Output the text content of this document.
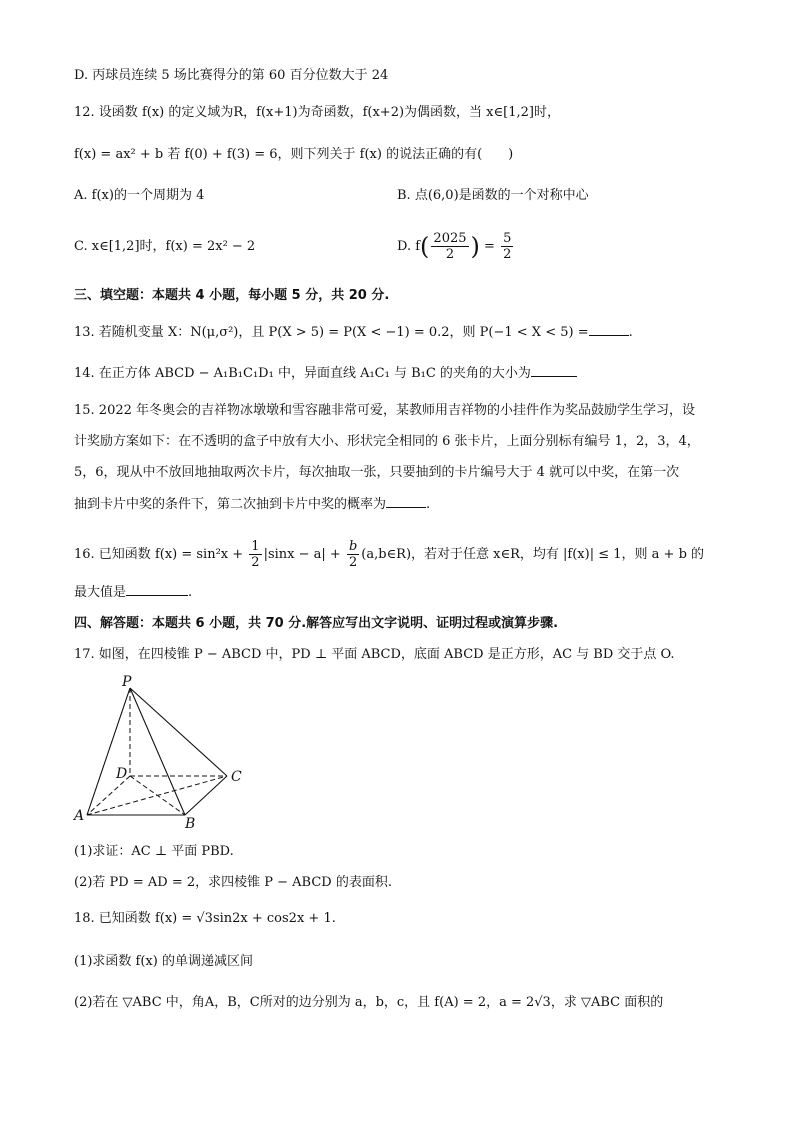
D. 丙球员连续 5 场比赛得分的第 60 百分位数大于 24
12. 设函数 f(x) 的定义域为R，f(x+1)为奇函数，f(x+2)为偶函数，当 x∈[1,2]时，
f(x) = ax² + b 若 f(0) + f(3) = 6，则下列关于 f(x) 的说法正确的有(　　)
A. f(x)的一个周期为 4	B. 点(6,0)是函数的一个对称中心
C. x∈[1,2]时，f(x) = 2x² − 2	D. $f( \frac{2025}{2}$ ) = $\frac{5}{2}$
三、填空题：本题共 4 小题，每小题 5 分，共 20 分.
13. 若随机变量 X：N(μ,σ²)，且 P(X > 5) = P(X < −1) = 0.2，则 P(−1 < X < 5) =	.
14. 在正方体 ABCD − A₁B₁C₁D₁ 中，异面直线 A₁C₁ 与 B₁C 的夹角的大小为
15. 2022 年冬奥会的吉祥物冰墩墩和雪容融非常可爱，某教师用吉祥物的小挂件作为奖品鼓励学生学习，设
计奖励方案如下：在不透明的盒子中放有大小、形状完全相同的 6 张卡片，上面分别标有编号 1，2，3，4，
5，6，现从中不放回地抽取两次卡片，每次抽取一张，只要抽到的卡片编号大于 4 就可以中奖，在第一次
抽到卡片中奖的条件下，第二次抽到卡片中奖的概率为	.
16. 已知函数 $f(x) = \sin^2x + \frac{1}{2} |\sin x - a| + \frac{b}{2}$ (a,b∈R)，若对于任意 x∈R，均有 |f(x)| ≤ 1，则 a + b 的
最大值是	.
四、解答题：本题共 6 小题，共 70 分.解答应写出文字说明、证明过程或演算步骤.
17. 如图，在四棱锥 P − ABCD 中，PD ⊥ 平面 ABCD，底面 ABCD 是正方形，AC 与 BD 交于点 O.
P
D	C
A	B
(1)求证：AC ⊥ 平面 PBD.
(2)若 PD = AD = 2，求四棱锥 P − ABCD 的表面积.
18. 已知函数 f(x) = √3sin2x + cos2x + 1.
(1)求函数 f(x) 的单调递减区间
(2)若在 ▽ABC 中，角A，B，C所对的边分别为 a，b，c，且 f(A) = 2，a = 2√3，求 ▽ABC 面积的
